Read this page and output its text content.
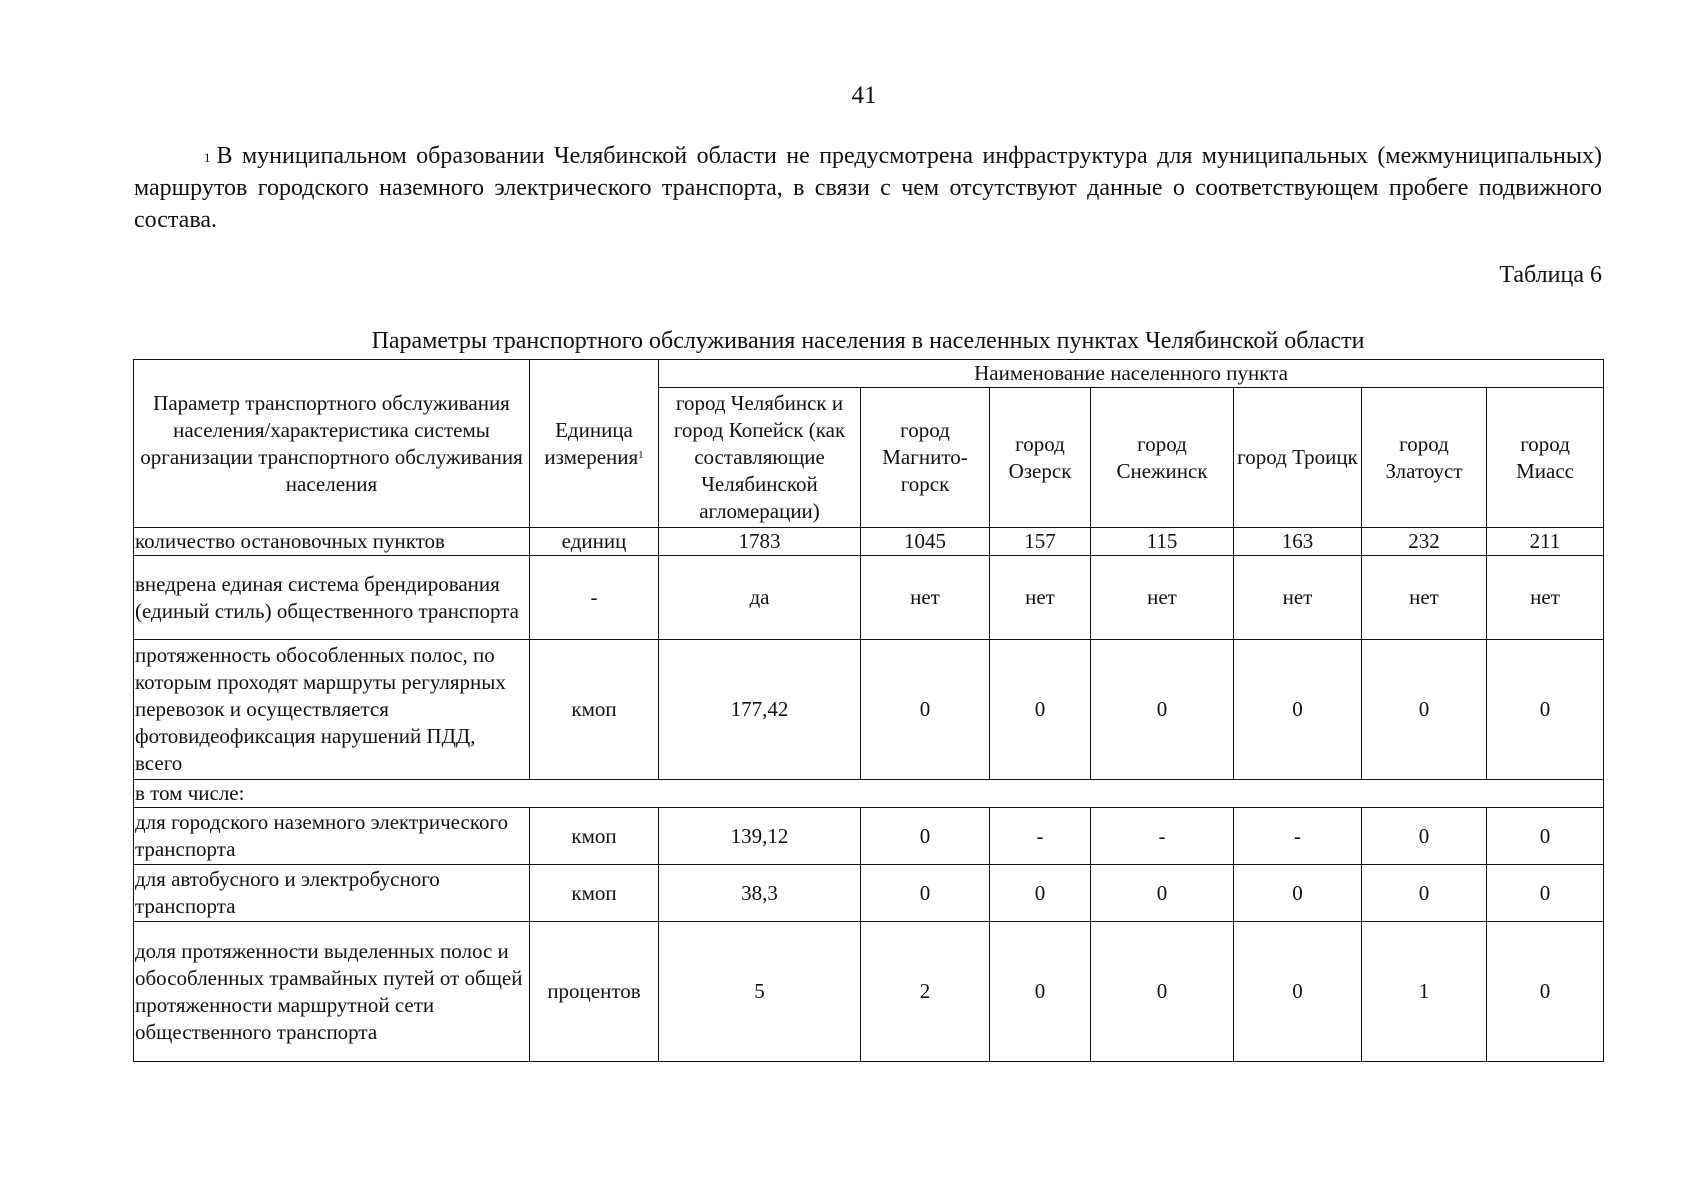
41
$^1$ В муниципальном образовании Челябинской области не предусмотрена инфраструктура для муниципальных (межмуниципальных) маршрутов городского наземного электрического транспорта, в связи с чем отсутствуют данные о соответствующем пробеге подвижного состава.
Таблица 6
Параметры транспортного обслуживания населения в населенных пунктах Челябинской области
Параметр транспортного обслуживания населения/характеристика системы организации транспортного обслуживания населения	Единица измерения$^1$	Наименование населенного пункта						
		город Челябинск и город Копейск (как составляющие Челябинской агломерации)	город Магнито-горск	город Озерск	город Снежинск	город Троицк	город Златоуст	город Миасс
количество остановочных пунктов	единиц	1783	1045	157	115	163	232	211
внедрена единая система брендирования (единый стиль) общественного транспорта	-	да	нет	нет	нет	нет	нет	нет
протяженность обособленных полос, по которым проходят маршруты регулярных перевозок и осуществляется фотовидеофиксация нарушений ПДД, всего	кмоп	177,42	0	0	0	0	0	0
в том числе:								
для городского наземного электрического транспорта	кмоп	139,12	0	-	-	-	0	0
для автобусного и электробусного транспорта	кмоп	38,3	0	0	0	0	0	0
доля протяженности выделенных полос и обособленных трамвайных путей от общей протяженности маршрутной сети общественного транспорта	процентов	5	2	0	0	0	1	0
